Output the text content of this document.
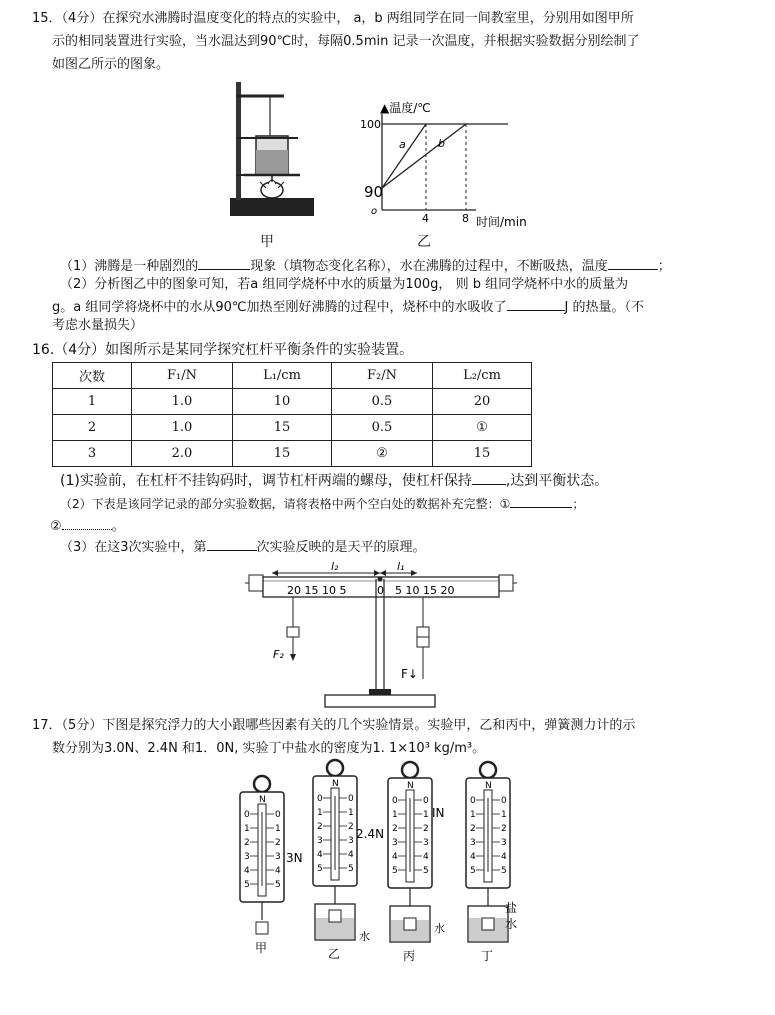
15．（4分）在探究水沸腾时温度变化的特点的实验中， a，b 两组同学在同一间教室里，分别用如图甲所
示的相同装置进行实验，当水温达到90℃时，每隔0.5min 记录一次温度，并根据实验数据分别绘制了
如图乙所示的图象。
甲
▲温度/℃
100
90
o
4	8 时间/min
a	b
乙
（1）沸腾是一种剧烈的	现象（填物态变化名称），水在沸腾的过程中，不断吸热，温度	；
（2）分析图乙中的图象可知，若a 组同学烧杯中水的质量为100g， 则 b 组同学烧杯中水的质量为
g。a 组同学将烧杯中的水从90℃加热至刚好沸腾的过程中，烧杯中的水吸收了	J 的热量。（不
考虑水量损失）
16.（4分）如图所示是某同学探究杠杆平衡条件的实验装置。
次数	F₁/N	L₁/cm	F₂/N	L₂/cm
1	1.0	10	0.5	20
2	1.0	15	0.5	①
3	2.0	15	②	15
(1)实验前，在杠杆不挂钩码时，调节杠杆两端的螺母，使杠杆保持 ,达到平衡状态。
（2）下表是该同学记录的部分实验数据，请将表格中两个空白处的数据补充完整：①	；
②	。
（3）在这3次实验中，第	次实验反映的是天平的原理。
l₂	l₁
20 15 10 5	0 5 10 15 20
F₂
F↓
17．（5分）下图是探究浮力的大小跟哪些因素有关的几个实验情景。实验甲，乙和丙中，弹簧测力计的示
数分别为3.0N、2.4N 和1．0N, 实验丁中盐水的密度为1. 1×10³ kg/m³。
N
0	0
1	1
2	2
3	3
4	4
5	5
甲
3N
N
0	0
1	1
2	2
3	3
4	4
5	5
水
乙
2.4N
N
0	0
1	1
2	2
3	3
4	4
5	5
水
丙
IN
N
0	0
1	1
2	2
3	3
4	4
5	5
盐
水
丁
